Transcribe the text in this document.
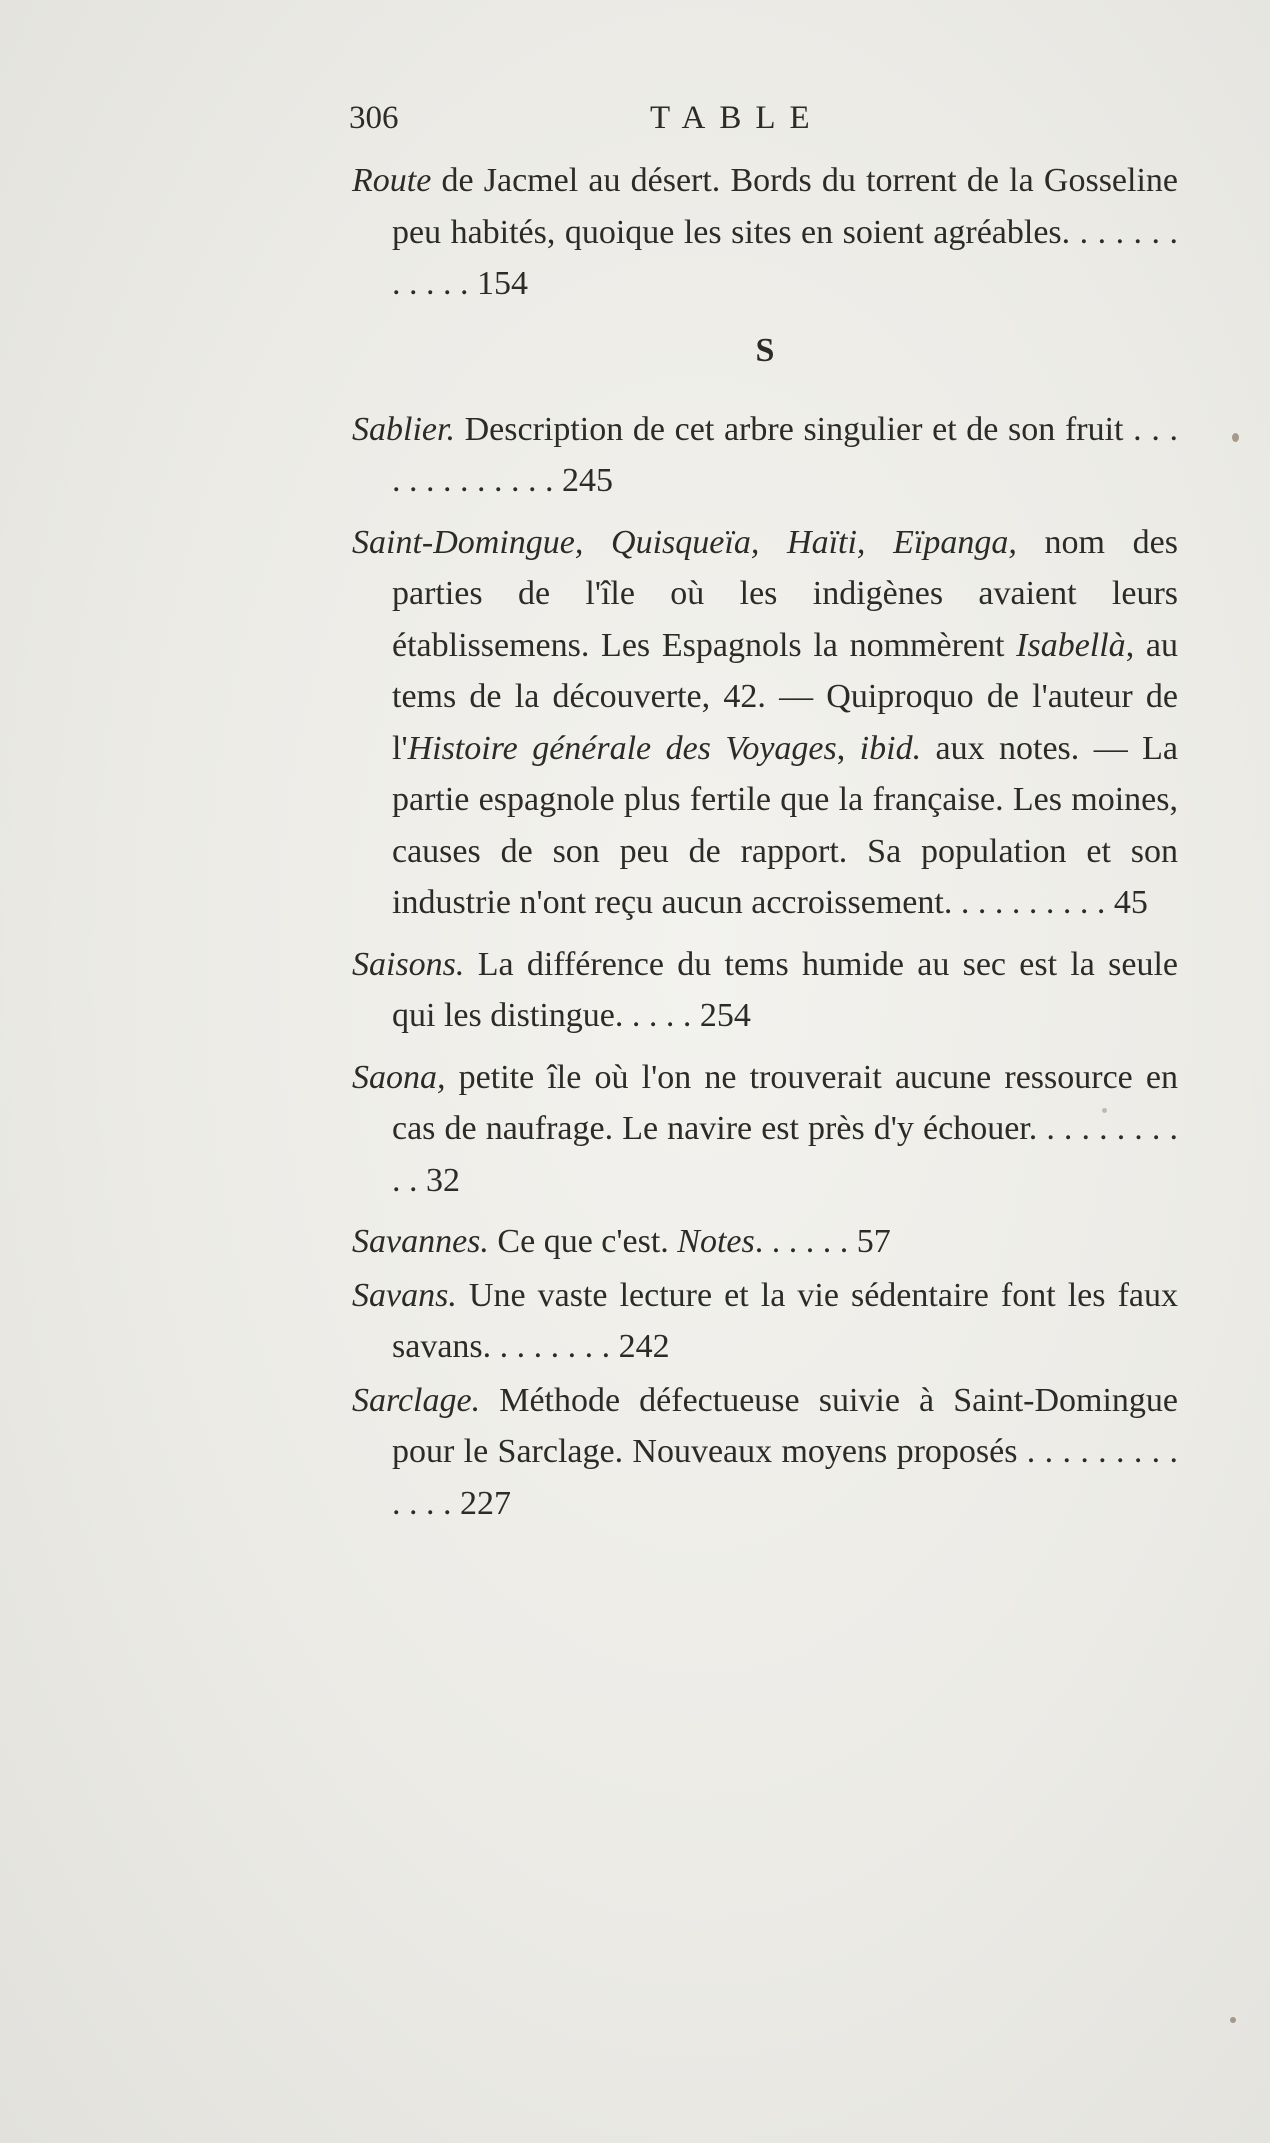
306	TABLE

Route de Jacmel au désert. Bords du torrent de la Gosseline peu habités, quoique les sites en soient agréables. . . . . . . . . . . . 154

S

Sablier. Description de cet arbre singulier et de son fruit . . . . . . . . . . . . . 245

Saint-Domingue, Quisqueïa, Haïti, Eïpanga, nom des parties de l'île où les indigènes avaient leurs établissemens. Les Espagnols la nommèrent Isabellà, au tems de la découverte, 42. — Quiproquo de l'auteur de l'Histoire générale des Voyages, ibid. aux notes. — La partie espagnole plus fertile que la française. Les moines, causes de son peu de rapport. Sa population et son industrie n'ont reçu aucun accroissement. . . . . . . . . . 45

Saisons. La différence du tems humide au sec est la seule qui les distingue. . . . . 254

Saona, petite île où l'on ne trouverait aucune ressource en cas de naufrage. Le navire est près d'y échouer. . . . . . . . . . . 32

Savannes. Ce que c'est. Notes. . . . . . 57

Savans. Une vaste lecture et la vie sédentaire font les faux savans. . . . . . . . 242

Sarclage. Méthode défectueuse suivie à Saint-Domingue pour le Sarclage. Nouveaux moyens proposés . . . . . . . . . . . . . 227
